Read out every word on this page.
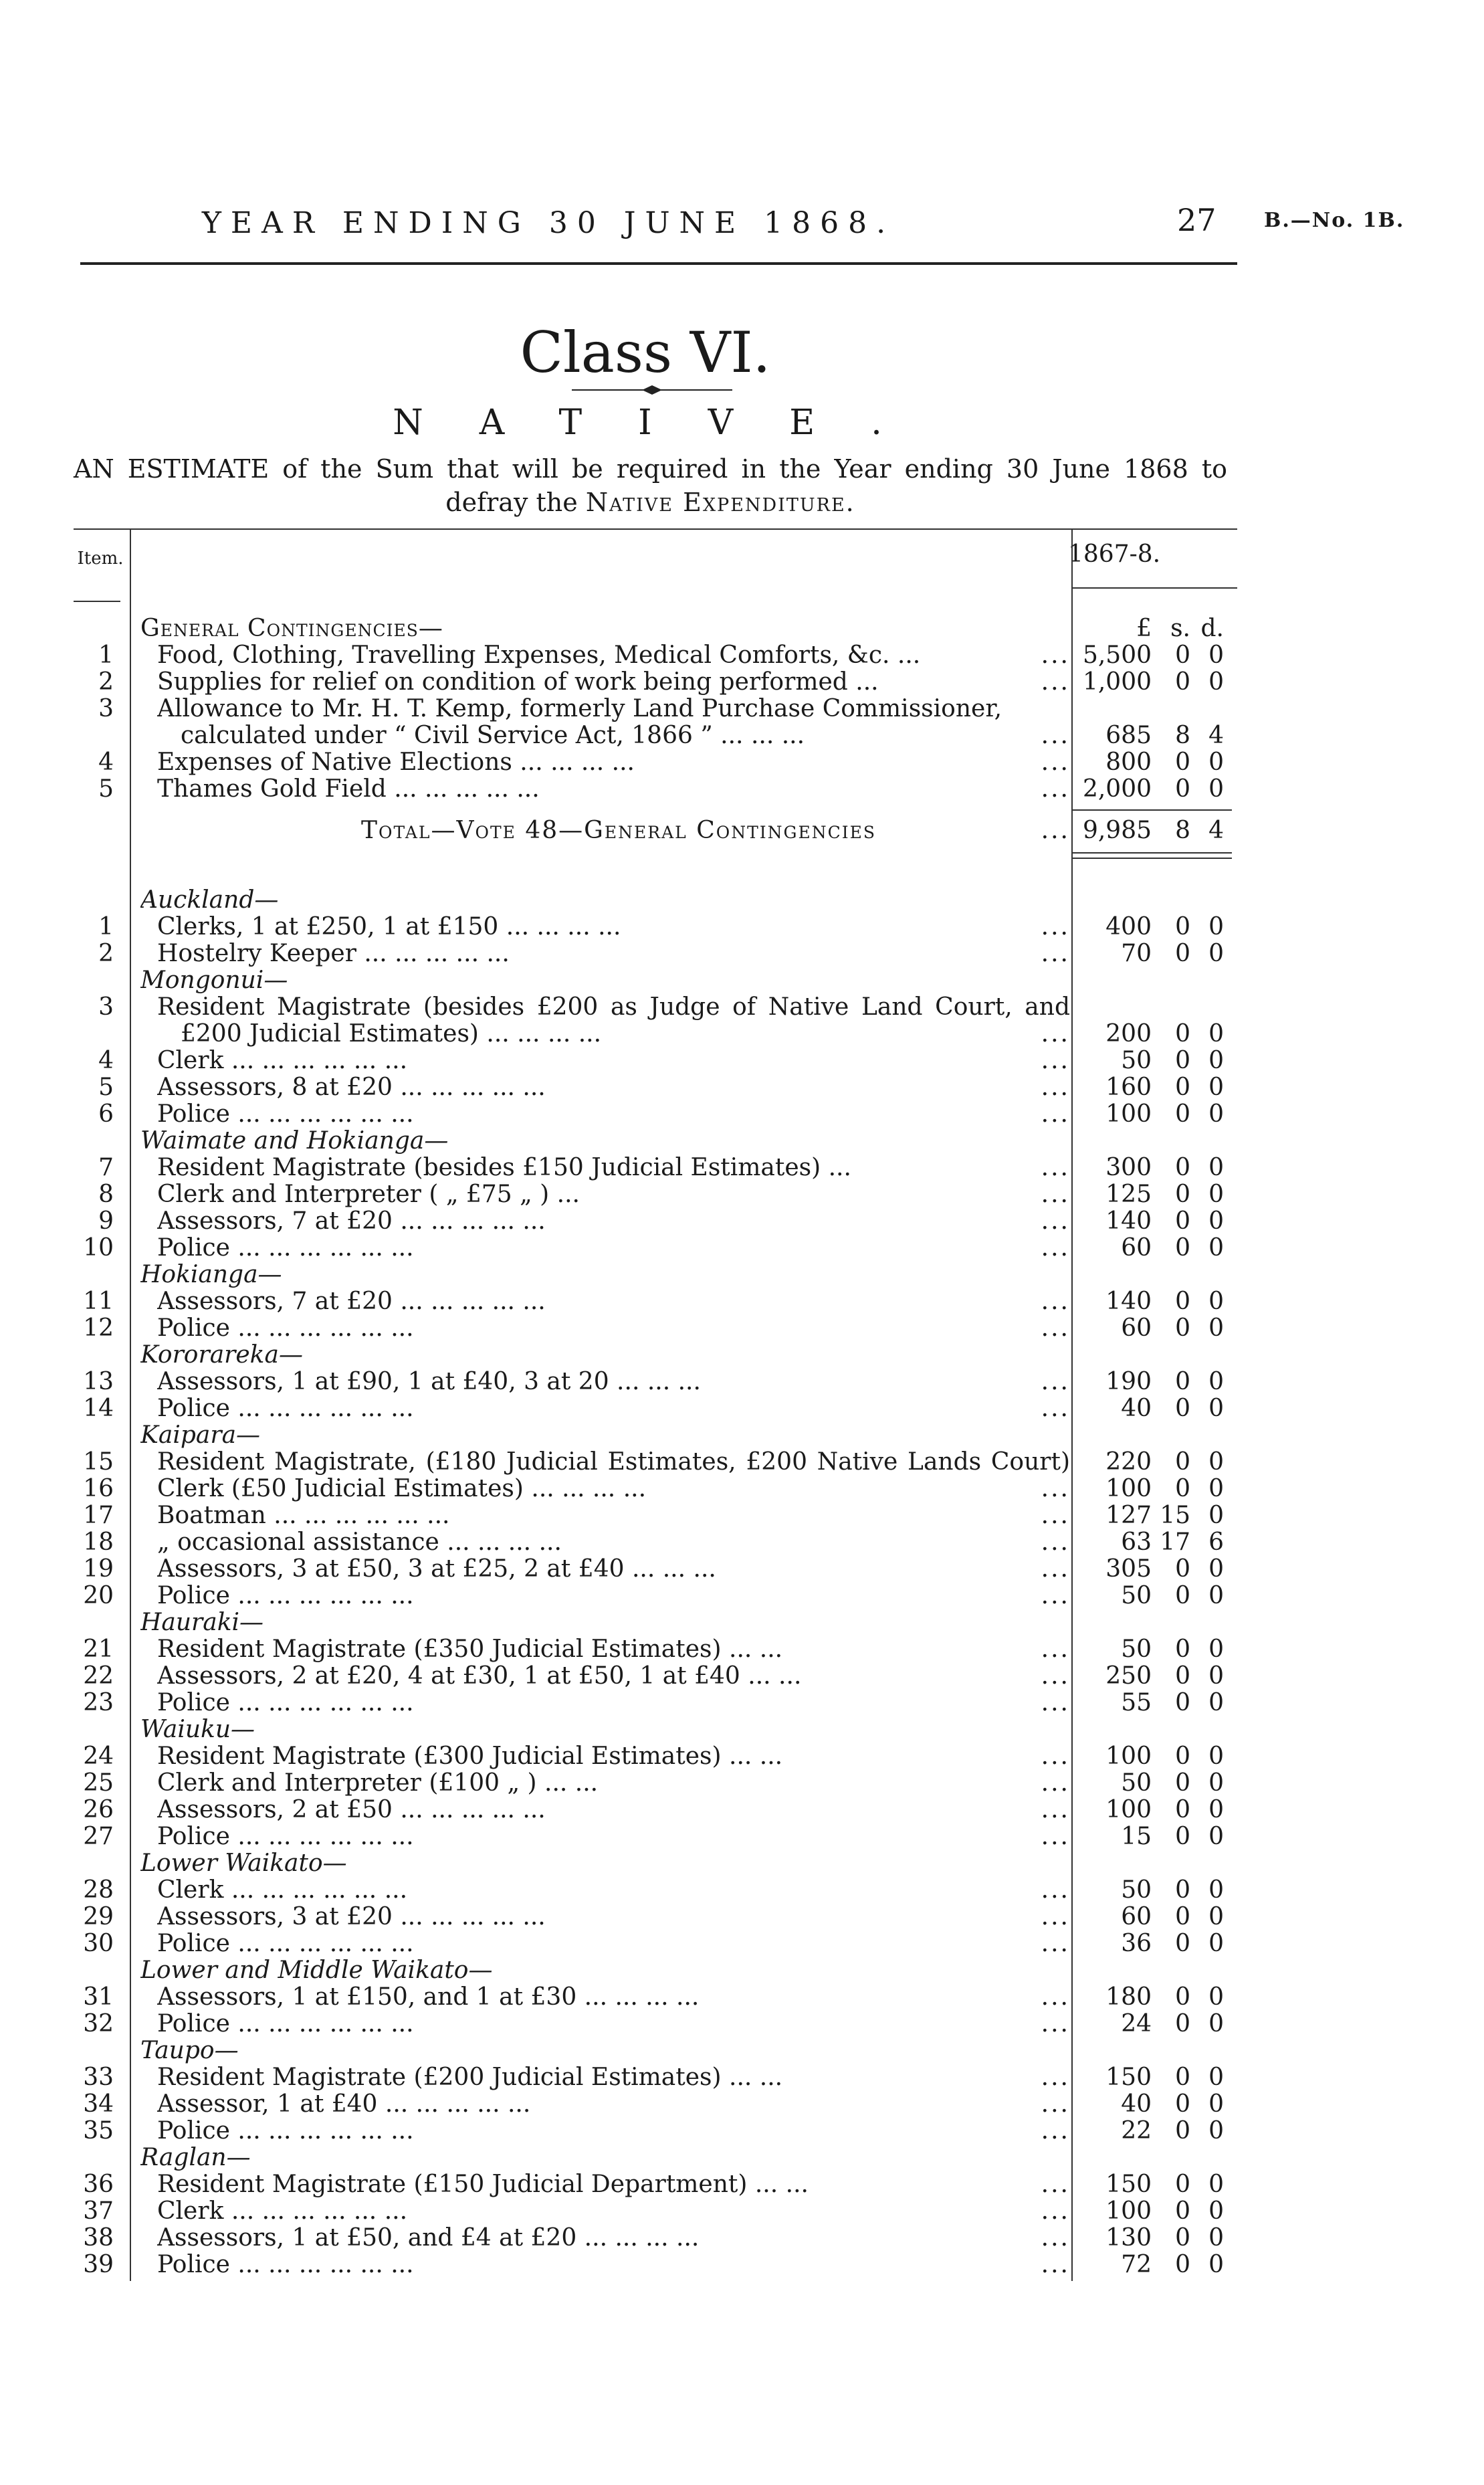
YEAR ENDING 30 JUNE 1868.	27 B.—No. 1B.
Class VI.
NATIVE.
AN ESTIMATE of the Sum that will be required in the Year ending 30 June 1868 to defray the Native Expenditure.
Item.	1867-8.
£ s. d.
General Contingencies—
1 Food, Clothing, Travelling Expenses, Medical Comforts, &c. ...	... 5,500 0 0
2 Supplies for relief on condition of work being performed ...	... 1,000 0 0
3 Allowance to Mr. H. T. Kemp, formerly Land Purchase Commissioner,
calculated under “ Civil Service Act, 1866 ” ... ... ...	...	685 8 4
4 Expenses of Native Elections ... ... ... ...	...	800 0 0
5 Thames Gold Field ... ... ... ... ...	... 2,000 0 0
Total—Vote 48—General Contingencies	... 9,985 8 4
Auckland—
1 Clerks, 1 at £250, 1 at £150 ... ... ... ...	...	400 0 0
2 Hostelry Keeper ... ... ... ... ...	...	70 0 0
Mongonui—
3 Resident Magistrate (besides £200 as Judge of Native Land Court, and
£200 Judicial Estimates) ... ... ... ...	...	200 0 0
4 Clerk ... ... ... ... ... ...	...	50 0 0
5 Assessors, 8 at £20 ... ... ... ... ...	...	160 0 0
6 Police ... ... ... ... ... ...	...	100 0 0
Waimate and Hokianga—
7 Resident Magistrate (besides £150 Judicial Estimates) ...	...	300 0 0
8 Clerk and Interpreter ( „ £75 „ ) ...	...	125 0 0
9 Assessors, 7 at £20 ... ... ... ... ...	...	140 0 0
10 Police ... ... ... ... ... ...	...	60 0 0
Hokianga—
11 Assessors, 7 at £20 ... ... ... ... ...	...	140 0 0
12 Police ... ... ... ... ... ...	...	60 0 0
Kororareka—
13 Assessors, 1 at £90, 1 at £40, 3 at 20 ... ... ...	...	190 0 0
14 Police ... ... ... ... ... ...	...	40 0 0
Kaipara—
15 Resident Magistrate, (£180 Judicial Estimates, £200 Native Lands Court)	220 0 0
16 Clerk (£50 Judicial Estimates) ... ... ... ...	...	100 0 0
17 Boatman ... ... ... ... ... ...	...	127 15 0
18 „ occasional assistance ... ... ... ...	...	63 17 6
19 Assessors, 3 at £50, 3 at £25, 2 at £40 ... ... ...	...	305 0 0
20 Police ... ... ... ... ... ...	...	50 0 0
Hauraki—
21 Resident Magistrate (£350 Judicial Estimates) ... ...	...	50 0 0
22 Assessors, 2 at £20, 4 at £30, 1 at £50, 1 at £40 ... ...	...	250 0 0
23 Police ... ... ... ... ... ...	...	55 0 0
Waiuku—
24 Resident Magistrate (£300 Judicial Estimates) ... ...	...	100 0 0
25 Clerk and Interpreter (£100 „ ) ... ...	...	50 0 0
26 Assessors, 2 at £50 ... ... ... ... ...	...	100 0 0
27 Police ... ... ... ... ... ...	...	15 0 0
Lower Waikato—
28 Clerk ... ... ... ... ... ...	...	50 0 0
29 Assessors, 3 at £20 ... ... ... ... ...	...	60 0 0
30 Police ... ... ... ... ... ...	...	36 0 0
Lower and Middle Waikato—
31 Assessors, 1 at £150, and 1 at £30 ... ... ... ...	...	180 0 0
32 Police ... ... ... ... ... ...	...	24 0 0
Taupo—
33 Resident Magistrate (£200 Judicial Estimates) ... ...	...	150 0 0
34 Assessor, 1 at £40 ... ... ... ... ...	...	40 0 0
35 Police ... ... ... ... ... ...	...	22 0 0
Raglan—
36 Resident Magistrate (£150 Judicial Department) ... ...	...	150 0 0
37 Clerk ... ... ... ... ... ...	...	100 0 0
38 Assessors, 1 at £50, and £4 at £20 ... ... ... ...	...	130 0 0
39 Police ... ... ... ... ... ...	...	72 0 0
